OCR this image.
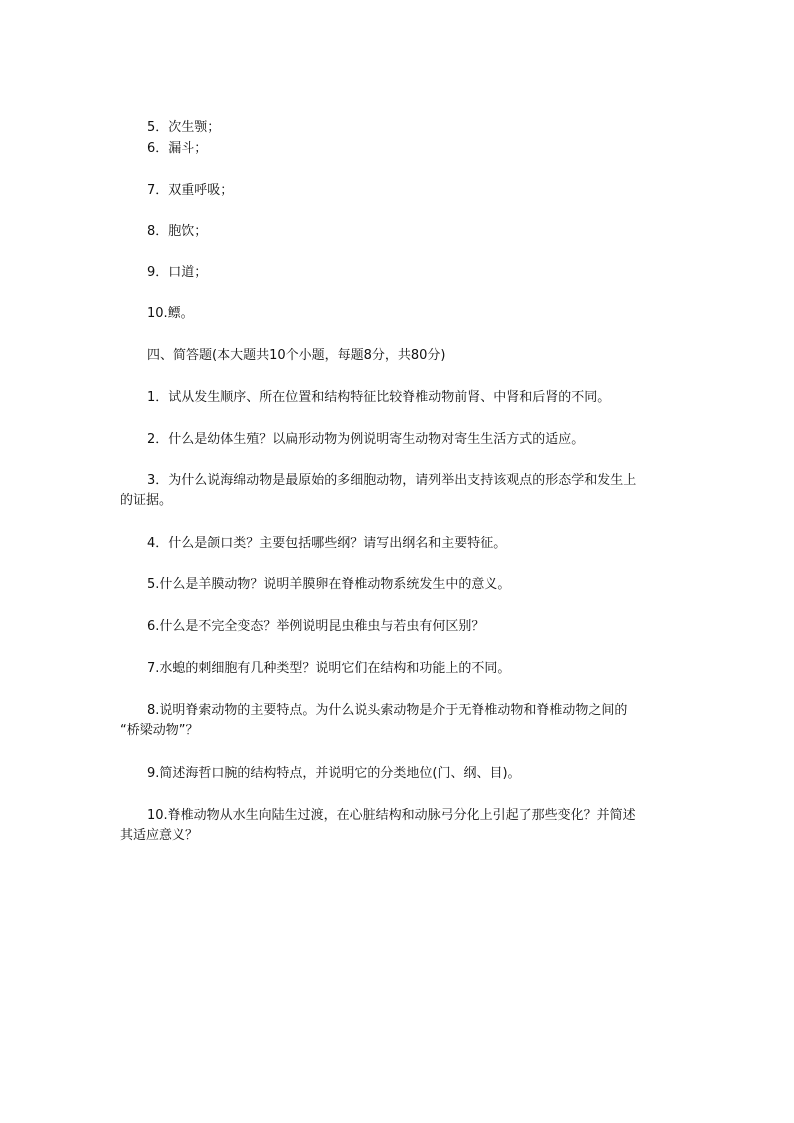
5．次生颚；
6．漏斗；
7．双重呼吸；
8．胞饮；
9．口道；
10.鳔。
四、简答题(本大题共10个小题，每题8分，共80分)
1．试从发生顺序、所在位置和结构特征比较脊椎动物前肾、中肾和后肾的不同。
2．什么是幼体生殖？以扁形动物为例说明寄生动物对寄生生活方式的适应。
3．为什么说海绵动物是最原始的多细胞动物，请列举出支持该观点的形态学和发生上
的证据。
4．什么是颌口类？主要包括哪些纲？请写出纲名和主要特征。
5.什么是羊膜动物？说明羊膜卵在脊椎动物系统发生中的意义。
6.什么是不完全变态？举例说明昆虫稚虫与若虫有何区别？
7.水螅的刺细胞有几种类型？说明它们在结构和功能上的不同。
8.说明脊索动物的主要特点。为什么说头索动物是介于无脊椎动物和脊椎动物之间的
“桥梁动物”？
9.简述海哲口腕的结构特点，并说明它的分类地位(门、纲、目)。
10.脊椎动物从水生向陆生过渡，在心脏结构和动脉弓分化上引起了那些变化？并简述
其适应意义？
